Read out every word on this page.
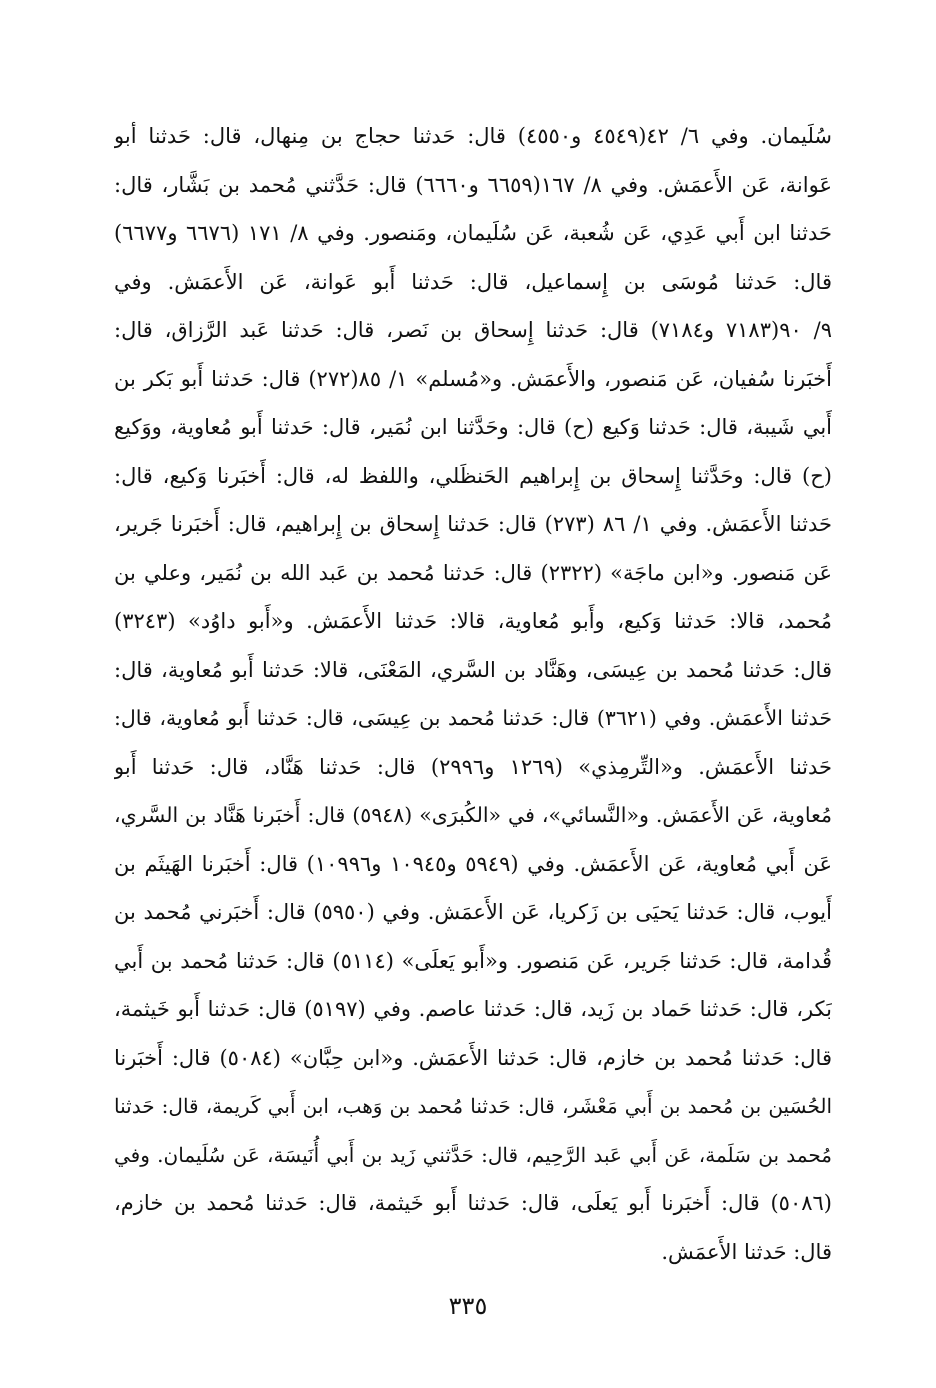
سُلَيمان. وفي ٦/ ٤٢(٤٥٤٩ و٤٥٥٠) قال: حَدثنا حجاج بن مِنهال، قال: حَدثنا أبو
عَوانة، عَن الأَعمَش. وفي ٨/ ١٦٧(٦٦٥٩ و٦٦٦٠) قال: حَدَّثني مُحمد بن بَشَّار، قال:
حَدثنا ابن أَبي عَدِي، عَن شُعبة، عَن سُلَيمان، ومَنصور. وفي ٨/ ١٧١ (٦٦٧٦ و٦٦٧٧)
قال: حَدثنا مُوسَى بن إِسماعيل، قال: حَدثنا أَبو عَوانة، عَن الأَعمَش. وفي
٩/ ٩٠(٧١٨٣ و٧١٨٤) قال: حَدثنا إِسحاق بن نَصر، قال: حَدثنا عَبد الرَّزاق، قال:
أَخبَرنا سُفيان، عَن مَنصور، والأَعمَش. و«مُسلم» ١/ ٨٥(٢٧٢) قال: حَدثنا أَبو بَكر بن
أَبي شَيبة، قال: حَدثنا وَكيع (ح) قال: وحَدَّثنا ابن نُمَير، قال: حَدثنا أَبو مُعاوية، ووَكيع
(ح) قال: وحَدَّثنا إِسحاق بن إِبراهيم الحَنظَلي، واللفظ له، قال: أَخبَرنا وَكيع، قال:
حَدثنا الأَعمَش. وفي ١/ ٨٦ (٢٧٣) قال: حَدثنا إِسحاق بن إِبراهيم، قال: أَخبَرنا جَرير،
عَن مَنصور. و«ابن ماجَة» (٢٣٢٢) قال: حَدثنا مُحمد بن عَبد الله بن نُمَير، وعلي بن
مُحمد، قالا: حَدثنا وَكيع، وأَبو مُعاوية، قالا: حَدثنا الأَعمَش. و«أَبو داوُد» (٣٢٤٣)
قال: حَدثنا مُحمد بن عِيسَى، وهَنَّاد بن السَّري، المَعْنَى، قالا: حَدثنا أَبو مُعاوية، قال:
حَدثنا الأَعمَش. وفي (٣٦٢١) قال: حَدثنا مُحمد بن عِيسَى، قال: حَدثنا أَبو مُعاوية، قال:
حَدثنا الأَعمَش. و«التِّرمِذي» (١٢٦٩ و٢٩٩٦) قال: حَدثنا هَنَّاد، قال: حَدثنا أَبو
مُعاوية، عَن الأَعمَش. و«النَّسائي»، في «الكُبرَى» (٥٩٤٨) قال: أَخبَرنا هَنَّاد بن السَّري،
عَن أَبي مُعاوية، عَن الأَعمَش. وفي (٥٩٤٩ و١٠٩٤٥ و١٠٩٩٦) قال: أَخبَرنا الهَيثَم بن
أَيوب، قال: حَدثنا يَحيَى بن زَكريا، عَن الأَعمَش. وفي (٥٩٥٠) قال: أَخبَرني مُحمد بن
قُدامة، قال: حَدثنا جَرير، عَن مَنصور. و«أَبو يَعلَى» (٥١١٤) قال: حَدثنا مُحمد بن أَبي
بَكر، قال: حَدثنا حَماد بن زَيد، قال: حَدثنا عاصم. وفي (٥١٩٧) قال: حَدثنا أَبو خَيثمة،
قال: حَدثنا مُحمد بن خازم، قال: حَدثنا الأَعمَش. و«ابن حِبَّان» (٥٠٨٤) قال: أَخبَرنا
الحُسَين بن مُحمد بن أَبي مَعْشَر، قال: حَدثنا مُحمد بن وَهب، ابن أَبي كَريمة، قال: حَدثنا
مُحمد بن سَلَمة، عَن أَبي عَبد الرَّحِيم، قال: حَدَّثني زَيد بن أَبي أُنَيسَة، عَن سُلَيمان. وفي
(٥٠٨٦) قال: أَخبَرنا أَبو يَعلَى، قال: حَدثنا أَبو خَيثمة، قال: حَدثنا مُحمد بن خازم،
قال: حَدثنا الأَعمَش.
٣٣٥
